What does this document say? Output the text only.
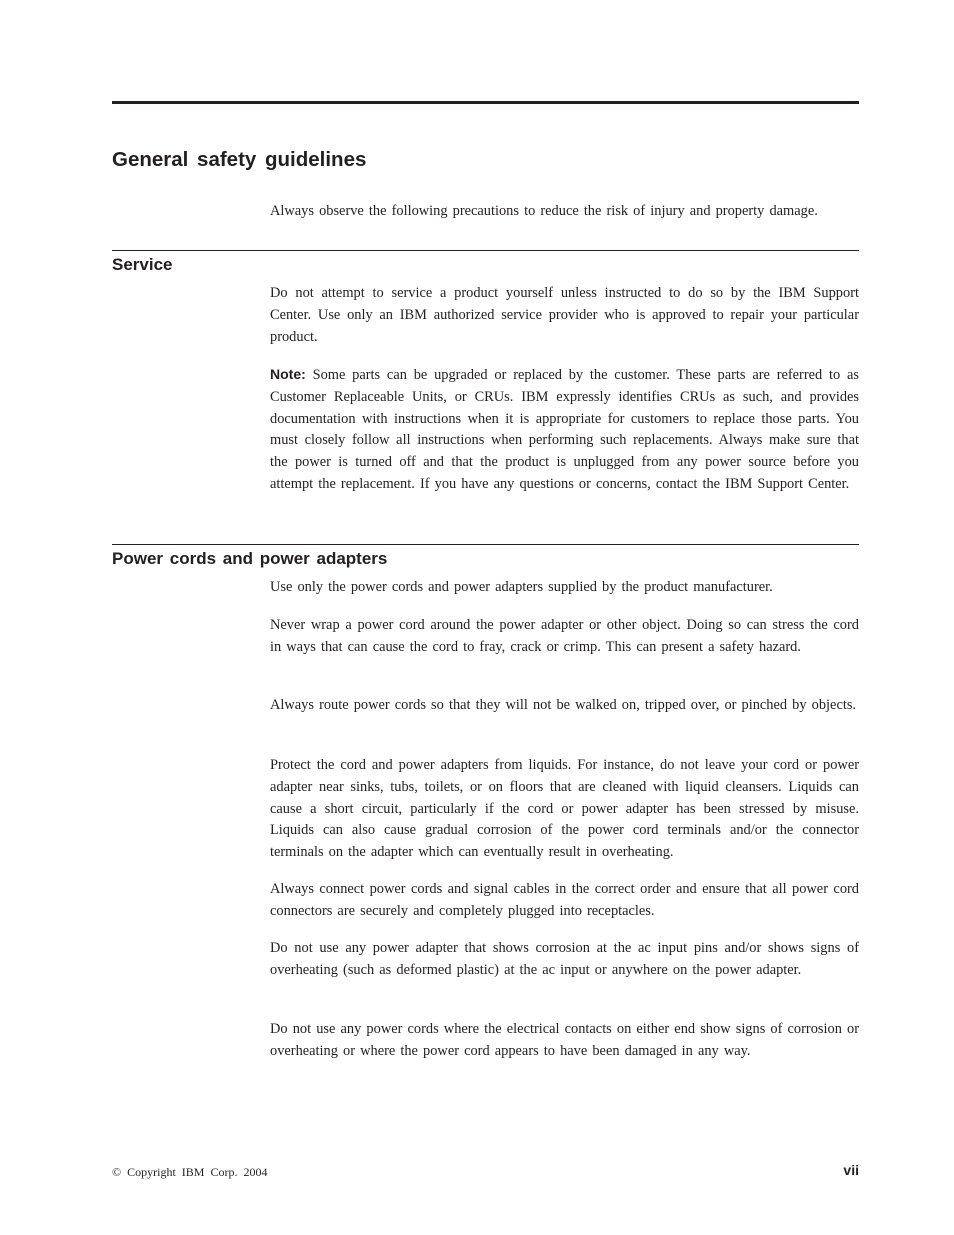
General safety guidelines

Always observe the following precautions to reduce the risk of injury and property damage.

Service

Do not attempt to service a product yourself unless instructed to do so by the IBM Support Center. Use only an IBM authorized service provider who is approved to repair your particular product.

Note: Some parts can be upgraded or replaced by the customer. These parts are referred to as Customer Replaceable Units, or CRUs. IBM expressly identifies CRUs as such, and provides documentation with instructions when it is appropriate for customers to replace those parts. You must closely follow all instructions when performing such replacements. Always make sure that the power is turned off and that the product is unplugged from any power source before you attempt the replacement. If you have any questions or concerns, contact the IBM Support Center.

Power cords and power adapters

Use only the power cords and power adapters supplied by the product manufacturer.

Never wrap a power cord around the power adapter or other object. Doing so can stress the cord in ways that can cause the cord to fray, crack or crimp. This can present a safety hazard.

Always route power cords so that they will not be walked on, tripped over, or pinched by objects.

Protect the cord and power adapters from liquids. For instance, do not leave your cord or power adapter near sinks, tubs, toilets, or on floors that are cleaned with liquid cleansers. Liquids can cause a short circuit, particularly if the cord or power adapter has been stressed by misuse. Liquids can also cause gradual corrosion of the power cord terminals and/or the connector terminals on the adapter which can eventually result in overheating.

Always connect power cords and signal cables in the correct order and ensure that all power cord connectors are securely and completely plugged into receptacles.

Do not use any power adapter that shows corrosion at the ac input pins and/or shows signs of overheating (such as deformed plastic) at the ac input or anywhere on the power adapter.

Do not use any power cords where the electrical contacts on either end show signs of corrosion or overheating or where the power cord appears to have been damaged in any way.

© Copyright IBM Corp. 2004	vii
